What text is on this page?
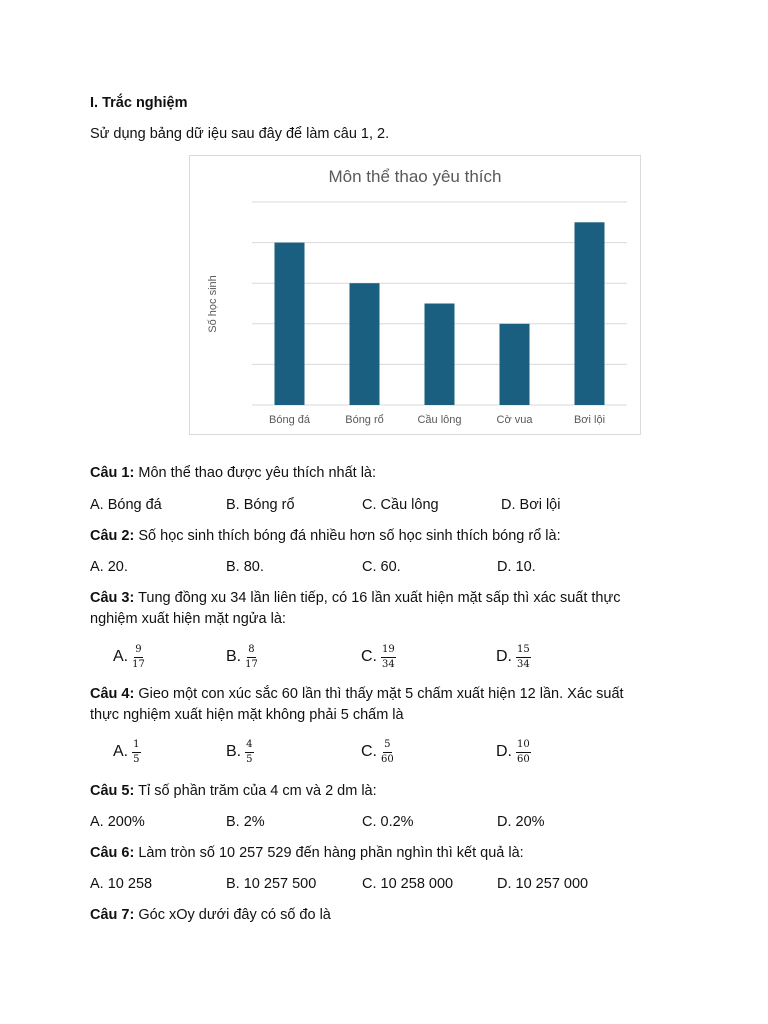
I. Trắc nghiệm
Sử dụng bảng dữ iệu sau đây để làm câu 1, 2.
Bóng đá	Bóng rổ	Cầu lông	Cờ vua	Bơi lội
Môn thể thao yêu thích
Số học sinh
Câu 1: Môn thể thao được yêu thích nhất là:
A. Bóng đá	B. Bóng rổ	C. Cầu lông	D. Bơi lội
Câu 2: Số học sinh thích bóng đá nhiều hơn số học sinh thích bóng rổ là:
A. 20.	B. 80.	C. 60.	D. 10.
Câu 3: Tung đồng xu 34 lần liên tiếp, có 16 lần xuất hiện mặt sấp thì xác suất thực
nghiệm xuất hiện mặt ngửa là:
A. $\frac{9}{17}$	B. $\frac{8}{17}$	C. $\frac{19}{34}$	D. $\frac{15}{34}$
Câu 4: Gieo một con xúc sắc 60 lần thì thấy mặt 5 chấm xuất hiện 12 lần. Xác suất
thực nghiệm xuất hiện mặt không phải 5 chấm là
A. $\frac{1}{5}$	B. $\frac{4}{5}$	C. $\frac{5}{60}$	D. $\frac{10}{60}$
Câu 5: Tỉ số phần trăm của 4 cm và 2 dm là:
A. 200%	B. 2%	C. 0.2%	D. 20%
Câu 6: Làm tròn số 10 257 529 đến hàng phần nghìn thì kết quả là:
A. 10 258	B. 10 257 500	C. 10 258 000	D. 10 257 000
Câu 7: Góc xOy dưới đây có số đo là
